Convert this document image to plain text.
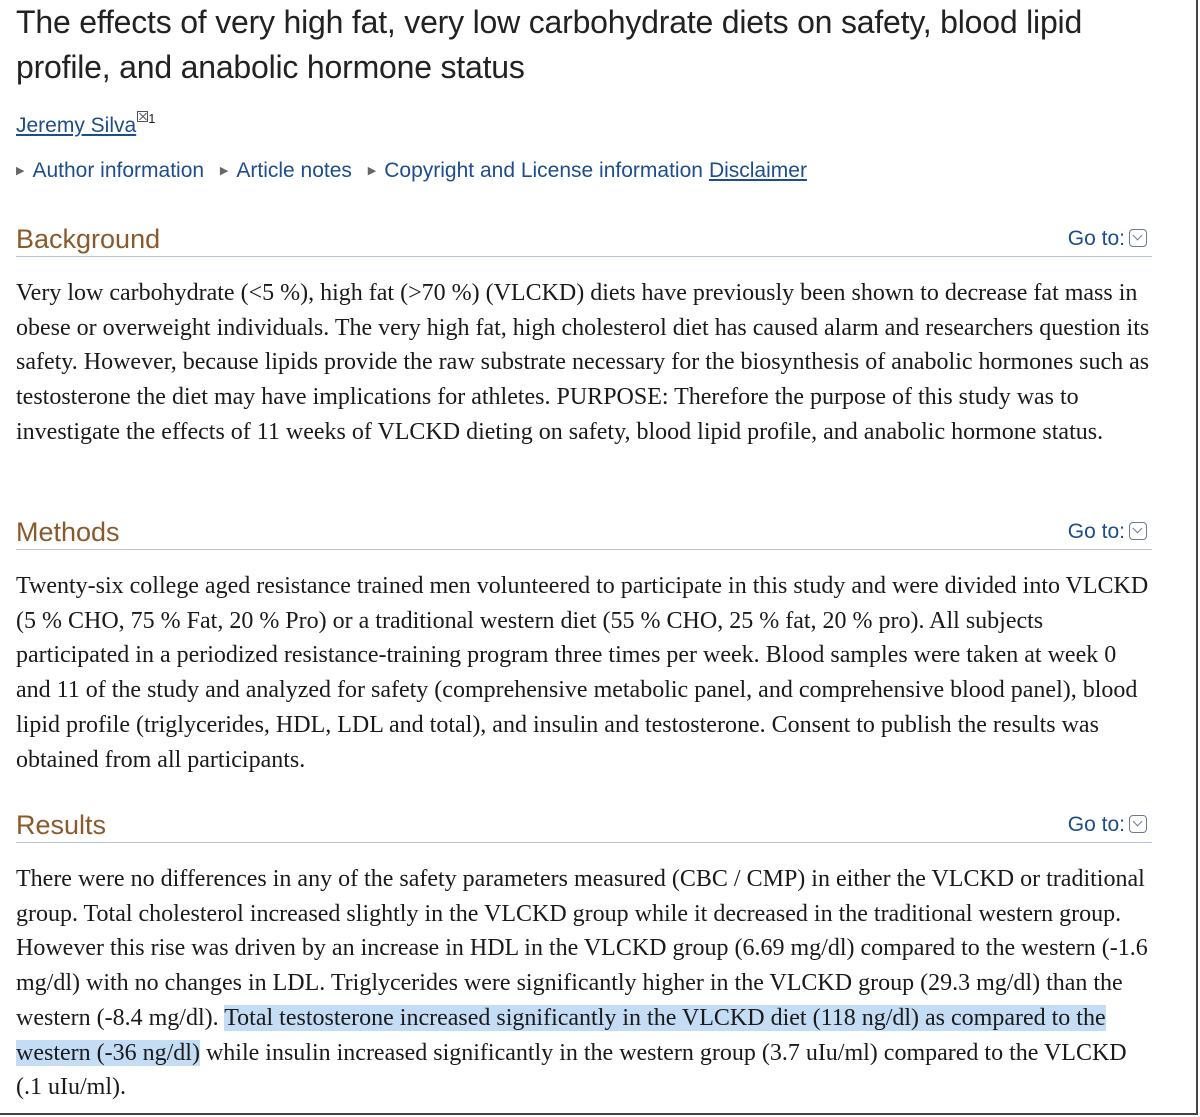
The effects of very high fat, very low carbohydrate diets on safety, blood lipid profile, and anabolic hormone status
Jeremy Silva $^1$
▶ Author information ▶ Article notes ▶ Copyright and License information Disclaimer
Background	Go to:

Very low carbohydrate (<5 %), high fat (>70 %) (VLCKD) diets have previously been shown to decrease fat mass in obese or overweight individuals. The very high fat, high cholesterol diet has caused alarm and researchers question its safety. However, because lipids provide the raw substrate necessary for the biosynthesis of anabolic hormones such as testosterone the diet may have implications for athletes. PURPOSE: Therefore the purpose of this study was to investigate the effects of 11 weeks of VLCKD dieting on safety, blood lipid profile, and anabolic hormone status.

Methods	Go to:

Twenty-six college aged resistance trained men volunteered to participate in this study and were divided into VLCKD (5 % CHO, 75 % Fat, 20 % Pro) or a traditional western diet (55 % CHO, 25 % fat, 20 % pro). All subjects participated in a periodized resistance-training program three times per week. Blood samples were taken at week 0 and 11 of the study and analyzed for safety (comprehensive metabolic panel, and comprehensive blood panel), blood lipid profile (triglycerides, HDL, LDL and total), and insulin and testosterone. Consent to publish the results was obtained from all participants.

Results	Go to:

There were no differences in any of the safety parameters measured (CBC / CMP) in either the VLCKD or traditional group. Total cholesterol increased slightly in the VLCKD group while it decreased in the traditional western group. However this rise was driven by an increase in HDL in the VLCKD group (6.69 mg/dl) compared to the western (-1.6 mg/dl) with no changes in LDL. Triglycerides were significantly higher in the VLCKD group (29.3 mg/dl) than the western (-8.4 mg/dl). Total testosterone increased significantly in the VLCKD diet (118 ng/dl) as compared to the western (-36 ng/dl) while insulin increased significantly in the western group (3.7 uIu/ml) compared to the VLCKD (.1 uIu/ml).
